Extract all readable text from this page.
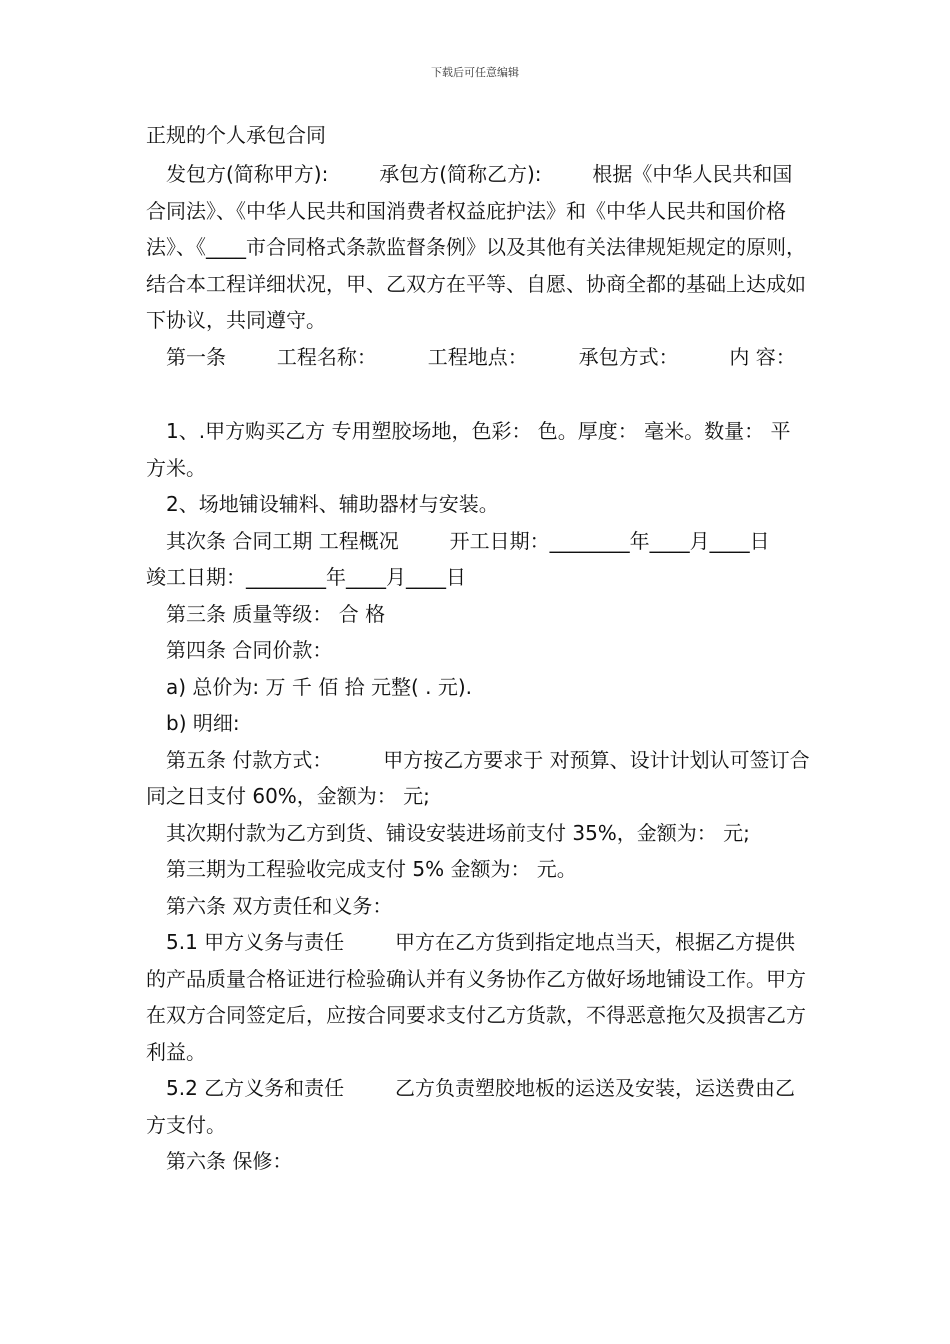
下载后可任意编辑
正规的个人承包合同

发包方(简称甲方):        承包方(简称乙方):        根据《中华人民共和国合同法》、《中华人民共和国消费者权益庇护法》和《中华人民共和国价格法》、《____市合同格式条款监督条例》以及其他有关法律规矩规定的原则，结合本工程详细状况，甲、乙双方在平等、自愿、协商全都的基础上达成如下协议，共同遵守。

第一条        工程名称：        工程地点：        承包方式：        内 容：

1、.甲方购买乙方 专用塑胶场地，色彩： 色。厚度： 毫米。数量： 平方米。

2、场地铺设辅料、辅助器材与安装。

其次条 合同工期 工程概况        开工日期：________年____月____日        竣工日期：________年____月____日

第三条 质量等级： 合 格

第四条 合同价款：

a) 总价为: 万 千 佰 拾 元整( . 元).

b) 明细:

第五条 付款方式：        甲方按乙方要求于 对预算、设计计划认可签订合同之日支付 60%，金额为： 元;

其次期付款为乙方到货、铺设安装进场前支付 35%，金额为： 元;

第三期为工程验收完成支付 5% 金额为： 元。

第六条 双方责任和义务：

5.1 甲方义务与责任        甲方在乙方货到指定地点当天，根据乙方提供的产品质量合格证进行检验确认并有义务协作乙方做好场地铺设工作。甲方在双方合同签定后，应按合同要求支付乙方货款，不得恶意拖欠及损害乙方利益。

5.2 乙方义务和责任        乙方负责塑胶地板的运送及安装，运送费由乙方支付。

第六条 保修：
